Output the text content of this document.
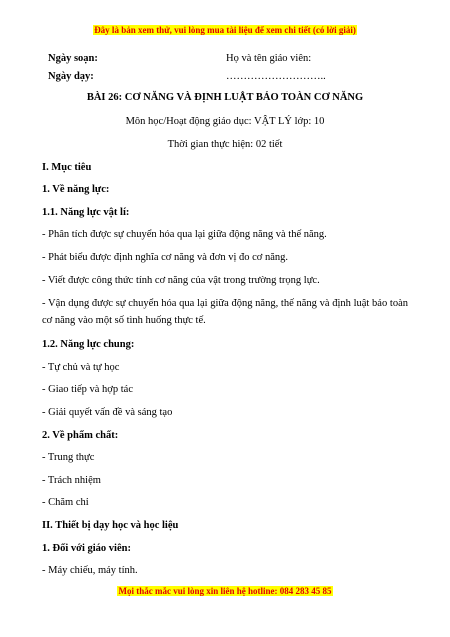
Đây là bản xem thử, vui lòng mua tài liệu để xem chi tiết (có lời giải)
Ngày soạn:	Họ và tên giáo viên:
Ngày dạy:	………………………..
BÀI 26: CƠ NĂNG VÀ ĐỊNH LUẬT BẢO TOÀN CƠ NĂNG
Môn học/Hoạt động giáo dục: VẬT LÝ lớp: 10
Thời gian thực hiện: 02 tiết
I. Mục tiêu
1. Về năng lực:
1.1. Năng lực vật lí:
- Phân tích được sự chuyển hóa qua lại giữa động năng và thế năng.
- Phát biểu được định nghĩa cơ năng và đơn vị đo cơ năng.
- Viết được công thức tính cơ năng của vật trong trường trọng lực.
- Vận dụng được sự chuyển hóa qua lại giữa động năng, thế năng và định luật bảo toàn cơ năng vào một số tình huống thực tế.
1.2. Năng lực chung:
- Tự chủ và tự học
- Giao tiếp và hợp tác
- Giải quyết vấn đề và sáng tạo
2. Về phẩm chất:
- Trung thực
- Trách nhiệm
- Chăm chỉ
II. Thiết bị dạy học và học liệu
1. Đối với giáo viên:
- Máy chiếu, máy tính.
Mọi thắc mắc vui lòng xin liên hệ hotline: 084 283 45 85
